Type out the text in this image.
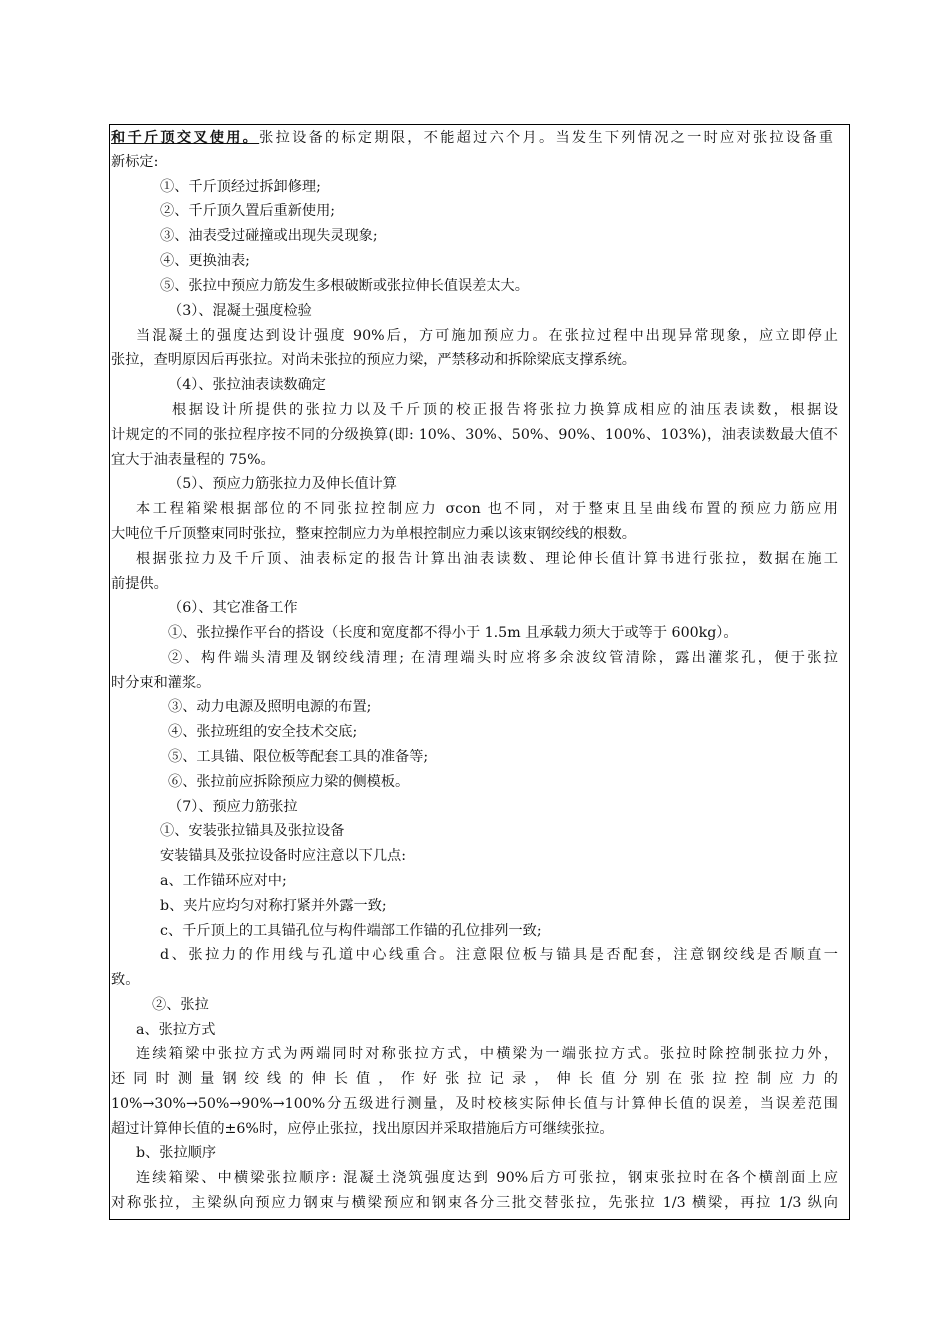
和千斤顶交叉使用。张拉设备的标定期限，不能超过六个月。当发生下列情况之一时应对张拉设备重
新标定:
①、千斤顶经过拆卸修理;
②、千斤顶久置后重新使用;
③、油表受过碰撞或出现失灵现象;
④、更换油表;
⑤、张拉中预应力筋发生多根破断或张拉伸长值误差太大。
（3）、混凝土强度检验
当混凝土的强度达到设计强度 90%后，方可施加预应力。在张拉过程中出现异常现象，应立即停止
张拉，查明原因后再张拉。对尚未张拉的预应力梁，严禁移动和拆除梁底支撑系统。
（4）、张拉油表读数确定
根据设计所提供的张拉力以及千斤顶的校正报告将张拉力换算成相应的油压表读数，根据设
计规定的不同的张拉程序按不同的分级换算(即: 10%、30%、50%、90%、100%、103%)，油表读数最大值不
宜大于油表量程的 75%。
（5）、预应力筋张拉力及伸长值计算
本工程箱梁根据部位的不同张拉控制应力 σcon 也不同，对于整束且呈曲线布置的预应力筋应用
大吨位千斤顶整束同时张拉，整束控制应力为单根控制应力乘以该束钢绞线的根数。
根据张拉力及千斤顶、油表标定的报告计算出油表读数、理论伸长值计算书进行张拉，数据在施工
前提供。
（6）、其它准备工作
①、张拉操作平台的搭设（长度和宽度都不得小于 1.5m 且承载力须大于或等于 600kg）。
②、构件端头清理及钢绞线清理; 在清理端头时应将多余波纹管清除，露出灌浆孔，便于张拉
时分束和灌浆。
③、动力电源及照明电源的布置;
④、张拉班组的安全技术交底;
⑤、工具锚、限位板等配套工具的准备等;
⑥、张拉前应拆除预应力梁的侧模板。
（7）、预应力筋张拉
①、安装张拉锚具及张拉设备
安装锚具及张拉设备时应注意以下几点:
a、工作锚环应对中;
b、夹片应均匀对称打紧并外露一致;
c、千斤顶上的工具锚孔位与构件端部工作锚的孔位排列一致;
d、张拉力的作用线与孔道中心线重合。注意限位板与锚具是否配套，注意钢绞线是否顺直一
致。
②、张拉
a、张拉方式
连续箱梁中张拉方式为两端同时对称张拉方式，中横梁为一端张拉方式。张拉时除控制张拉力外，
还同时测量钢绞线的伸长值，作好张拉记录，伸长值分别在张拉控制应力的
10%→30%→50%→90%→100%分五级进行测量，及时校核实际伸长值与计算伸长值的误差，当误差范围
超过计算伸长值的±6%时，应停止张拉，找出原因并采取措施后方可继续张拉。
b、张拉顺序
连续箱梁、中横梁张拉顺序: 混凝土浇筑强度达到 90%后方可张拉，钢束张拉时在各个横剖面上应
对称张拉，主梁纵向预应力钢束与横梁预应和钢束各分三批交替张拉，先张拉 1/3 横梁，再拉 1/3 纵向
